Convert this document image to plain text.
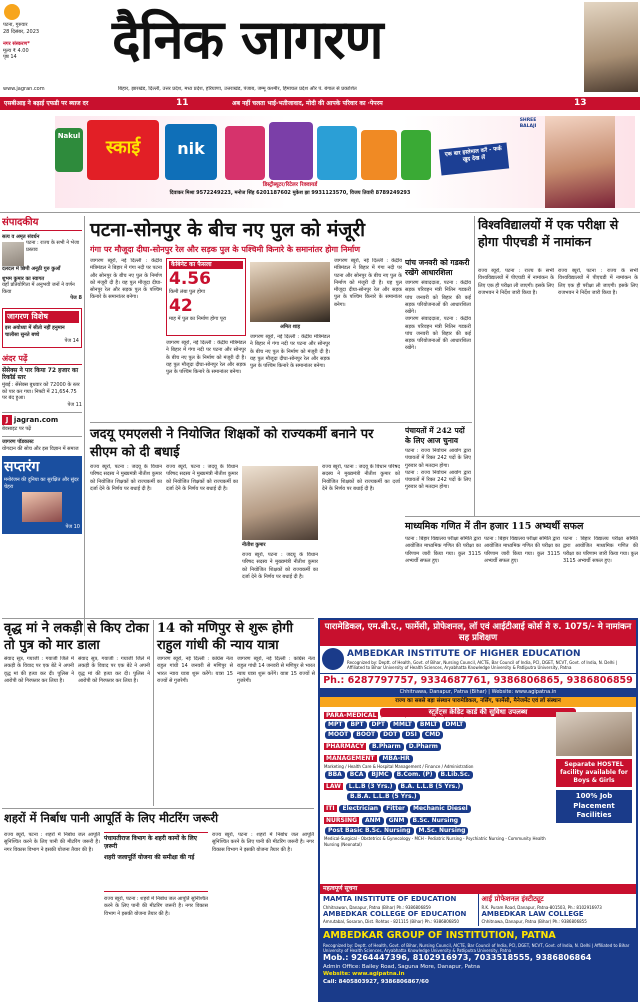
पटना, गुरुवार
28 दिसंबर, 2023
नगर संस्करण*
मूल्य ₹ 4.00
पृष्ठ 14
www.jagran.com
दैनिक जागरण
बिहार, झारखंड, दिल्ली, उत्तर प्रदेश, मध्य प्रदेश, हरियाणा, उत्तराखंड, पंजाब, जम्मू कश्मीर, हिमाचल प्रदेश और पं. बंगाल से प्रकाशित
एसबीआइ ने बढ़ाई एफडी पर ब्याज दर	11	अब नहीं चलता भाई-भतीजावाद, मोदी की आपके परिवार का ·पेपरम	13
Nakul
स्काई	nik	एक बार इस्तेमाल करें - फर्क खुद देख लें
SHREE BALAJI
डिस्ट्रीब्यूटर/रिटेलर रिक्वायर्ड
दिवाकर मिश्रा 9572249223, मनोज सिंह 6201187602 मुकेश झा 9931123570, विजय तिवारी 8789249293
संपादकीय
सत्य व अमृत संवर्धन
पटना : राज्य के सभी ने भेजा प्रस्ताव
दलदल में छिपी अनूठी गुरु कुआँ
शुभम कुमार का स्वागत
यहाँ प्रतियोगिता में अनुभवी जनों ने वर्णन किया
पेज 8
जागरण विशेष
इस अयोध्या में सीतो नहीं हनुमान चालीसा सुनते बच्चे
पेज 14
अंदर पढ़ें
सेंसेक्स ने पार किया 72 हजार का रिकॉर्ड स्तर
मुंबई : सेंसेक्स बुधवार को 72000 के स्तर को पार कर गया। निफ्टी में 21,654.75 पर बंद हुआ।
पेज 11
J jagran.com
बेवसाइट पर पढ़ें
जागरण पॉडकास्ट
योगदान की सोच और इस विज्ञान में समाज
सप्तरंग
मनोरंजन की दुनिया का सुरक्षित और सुंदर चेहरा
पेज 10
पटना-सोनपुर के बीच नए पुल को मंजूरी
गंगा पर मौजूदा दीघा-सोनपुर रेल और सड़क पुल के पश्चिमी किनारे के समानांतर होगा निर्माण
जागरण ब्यूरो, नई दिल्ली : केंद्रीय मंत्रिमंडल ने बिहार में गंगा नदी पर पटना और सोनपुर के बीच नए पुल के निर्माण को मंजूरी दी है। यह पुल मौजूदा दीघा-सोनपुर रेल और सड़क पुल के पश्चिम किनारे के समानांतर बनेगा।
कैबिनेट का फैसला
4.56
किमी लंबा पुल होगा
42
माह में पुल का निर्माण होगा पूरा
जागरण ब्यूरो, नई दिल्ली : केंद्रीय मंत्रिमंडल ने बिहार में गंगा नदी पर पटना और सोनपुर के बीच नए पुल के निर्माण को मंजूरी दी है। यह पुल मौजूदा दीघा-सोनपुर रेल और सड़क पुल के पश्चिम किनारे के समानांतर बनेगा।
अमित शाह
जागरण ब्यूरो, नई दिल्ली : केंद्रीय मंत्रिमंडल ने बिहार में गंगा नदी पर पटना और सोनपुर के बीच नए पुल के निर्माण को मंजूरी दी है। यह पुल मौजूदा दीघा-सोनपुर रेल और सड़क पुल के पश्चिम किनारे के समानांतर बनेगा।
जागरण ब्यूरो, नई दिल्ली : केंद्रीय मंत्रिमंडल ने बिहार में गंगा नदी पर पटना और सोनपुर के बीच नए पुल के निर्माण को मंजूरी दी है। यह पुल मौजूदा दीघा-सोनपुर रेल और सड़क पुल के पश्चिम किनारे के समानांतर बनेगा।
पांच जनवरी को गडकरी रखेंगे आधारशिला
जागरण संवाददाता, पटना : केंद्रीय सड़क परिवहन मंत्री नितिन गडकरी पांच जनवरी को बिहार की कई सड़क परियोजनाओं की आधारशिला रखेंगे।
जागरण संवाददाता, पटना : केंद्रीय सड़क परिवहन मंत्री नितिन गडकरी पांच जनवरी को बिहार की कई सड़क परियोजनाओं की आधारशिला रखेंगे।
जदयू एमएलसी ने नियोजित शिक्षकों को राज्यकर्मी बनाने पर सीएम को दी बधाई
राज्य ब्यूरो, पटना : जदयू के विधान परिषद सदस्य ने मुख्यमंत्री नीतीश कुमार को नियोजित शिक्षकों को राज्यकर्मी का दर्जा देने के निर्णय पर बधाई दी है।
राज्य ब्यूरो, पटना : जदयू के विधान परिषद सदस्य ने मुख्यमंत्री नीतीश कुमार को नियोजित शिक्षकों को राज्यकर्मी का दर्जा देने के निर्णय पर बधाई दी है।
नीतीश कुमार
राज्य ब्यूरो, पटना : जदयू के विधान परिषद सदस्य ने मुख्यमंत्री नीतीश कुमार को नियोजित शिक्षकों को राज्यकर्मी का दर्जा देने के निर्णय पर बधाई दी है।
राज्य ब्यूरो, पटना : जदयू के विधान परिषद सदस्य ने मुख्यमंत्री नीतीश कुमार को नियोजित शिक्षकों को राज्यकर्मी का दर्जा देने के निर्णय पर बधाई दी है।
पंचायतों में 242 पदों के लिए आज चुनाव
पटना : राज्य निर्वाचन आयोग द्वारा पंचायतों में रिक्त 242 पदों के लिए गुरुवार को मतदान होगा।
पटना : राज्य निर्वाचन आयोग द्वारा पंचायतों में रिक्त 242 पदों के लिए गुरुवार को मतदान होगा।
विश्वविद्यालयों में एक परीक्षा से होगा पीएचडी में नामांकन
राज्य ब्यूरो, पटना : राज्य के सभी विश्वविद्यालयों में पीएचडी में नामांकन के लिए एक ही परीक्षा ली जाएगी। इसके लिए राजभवन ने निर्देश जारी किया है।
राज्य ब्यूरो, पटना : राज्य के सभी विश्वविद्यालयों में पीएचडी में नामांकन के लिए एक ही परीक्षा ली जाएगी। इसके लिए राजभवन ने निर्देश जारी किया है।
माध्यमिक गणित में तीन हजार 115 अभ्यर्थी सफल
पटना : बिहार विद्यालय परीक्षा समिति द्वारा आयोजित माध्यमिक गणित की परीक्षा का परिणाम जारी किया गया। कुल 3115 अभ्यर्थी सफल हुए।
पटना : बिहार विद्यालय परीक्षा समिति द्वारा आयोजित माध्यमिक गणित की परीक्षा का परिणाम जारी किया गया। कुल 3115 अभ्यर्थी सफल हुए।
पटना : बिहार विद्यालय परीक्षा समिति द्वारा आयोजित माध्यमिक गणित की परीक्षा का परिणाम जारी किया गया। कुल 3115 अभ्यर्थी सफल हुए।
पारामेडिकल, एम.बी.ए., फार्मेसी, प्रोफेशनल, लॉ एवं आईटीआई कोर्स मे रु. 1075/- मे नामांकन सह प्रशिक्षण
AMBEDKAR INSTITUTE OF HIGHER EDUCATION
Recognized by: Deptt. of Health, Govt. of Bihar, Nursing Council, AICTE, Bar Council of India, PCI, DGET, NCVT, Govt. of India, N. Delhi | Affiliated to Bihar University of Health Sciences, Aryabhatta Knowledge University & Patliputra University, Patna
Ph.: 6287797757, 9334687761, 9386806865, 9386806859
Chhitnawa, Danapur, Patna (Bihar) | Website: www.agipatna.in
राज्य का सबसे बड़ा संस्थान पारामेडिकल, नर्सिंग, फार्मेसी, मैनेजमेंट एवं लॉ संस्थान
स्टूडेंट्स क्रेडिट कार्ड की सुविधा उपलब्ध
PARA-MEDICAL (Master / Bachelor/Diploma)
MPT BPT DPT MMLT BMLT DMLT
MOOT BOOT DOT DSI CMD
PHARMACY B.Pharm D.Pharm
MANAGEMENT MBA-HR
Marketing / Health Care & Hospital Management / Finance / Administration
BBA BCA BJMC B.Com. (P) B.Lib.Sc.
LAW L.L.B (3 Yrs.) B.A. L.L.B (5 Yrs.)
B.B.A. L.L.B (5 Yrs.)
ITI Electrician Fitter Mechanic Diesel
NURSING ANM GNM B.Sc. NursingPost Basic B.Sc. Nursing M.Sc. Nursing
Medical-Surgical - Obstetrics & Gynecology - MCH - Pediatric Nursing - Psychiatric Nursing - Community Health Nursing (Neonatal)
Separate HOSTEL facility available for Boys & Girls
100% Job Placement Facilities
महत्वपूर्ण सूचना
MAMTA INSTITUTE OF EDUCATION
Chhitnawan, Danapur, Patna (Bihar) Ph.: 9386806859
AMBEDKAR COLLEGE OF EDUCATION
Amrutabal, Sosaran, Dist. Rohtas - 821115 (Bihar) Ph.: 9386806850
आई प्रोफेशनल इंस्टीट्यूट
R.K. Puram Road, Danapur, Patna-801503, Ph.: 8102916973
AMBEDKAR LAW COLLEGE
Chhitnawa, Danapur, Patna (Bihar) Ph.: 9386806855
AMBEDKAR GROUP OF INSTITUTION, PATNA
Recognized by: Deptt. of Health, Govt. of Bihar, Nursing Council, AICTE, Bar Council of India, PCI, DGET, NCVT, Govt. of India, N. Delhi | Affiliated to Bihar University of Health Sciences, Aryabhatta Knowledge University & Patliputra University, Patna
Mob.: 9264447396, 8102916973, 7033518555, 9386806864
Admin Office: Bailey Road, Saguna More, Danapur, Patna
Website: www.agipatna.in
Call: 8405803927, 9386806867/60
वृद्ध मां ने लकड़ी से किए टोका तो पुत्र को मार डाला
संवाद सूत्र, गयाजी : गयाजी जिले में लकड़ी के विवाद पर एक बेटे ने अपनी वृद्ध मां की हत्या कर दी। पुलिस ने आरोपी को गिरफ्तार कर लिया है।
संवाद सूत्र, गयाजी : गयाजी जिले में लकड़ी के विवाद पर एक बेटे ने अपनी वृद्ध मां की हत्या कर दी। पुलिस ने आरोपी को गिरफ्तार कर लिया है।
14 को मणिपुर से शुरू होगी राहुल गांधी की न्याय यात्रा
जागरण ब्यूरो, नई दिल्ली : कांग्रेस नेता राहुल गांधी 14 जनवरी से मणिपुर से भारत न्याय यात्रा शुरू करेंगे। यात्रा 15 राज्यों से गुजरेगी।
जागरण ब्यूरो, नई दिल्ली : कांग्रेस नेता राहुल गांधी 14 जनवरी से मणिपुर से भारत न्याय यात्रा शुरू करेंगे। यात्रा 15 राज्यों से गुजरेगी।
शहरों में निर्बाध पानी आपूर्ति के लिए मीटरिंग जरूरी
राज्य ब्यूरो, पटना : शहरों में निर्बाध जल आपूर्ति सुनिश्चित करने के लिए पानी की मीटरिंग जरूरी है। नगर विकास विभाग ने इसकी योजना तैयार की है।
पंचायतीराज विभाग के शहरी कामों के लिए ज़रूरी
शहरी जलापूर्ति योजना की समीक्षा की गई
राज्य ब्यूरो, पटना : शहरों में निर्बाध जल आपूर्ति सुनिश्चित करने के लिए पानी की मीटरिंग जरूरी है। नगर विकास विभाग ने इसकी योजना तैयार की है।
राज्य ब्यूरो, पटना : शहरों में निर्बाध जल आपूर्ति सुनिश्चित करने के लिए पानी की मीटरिंग जरूरी है। नगर विकास विभाग ने इसकी योजना तैयार की है।
